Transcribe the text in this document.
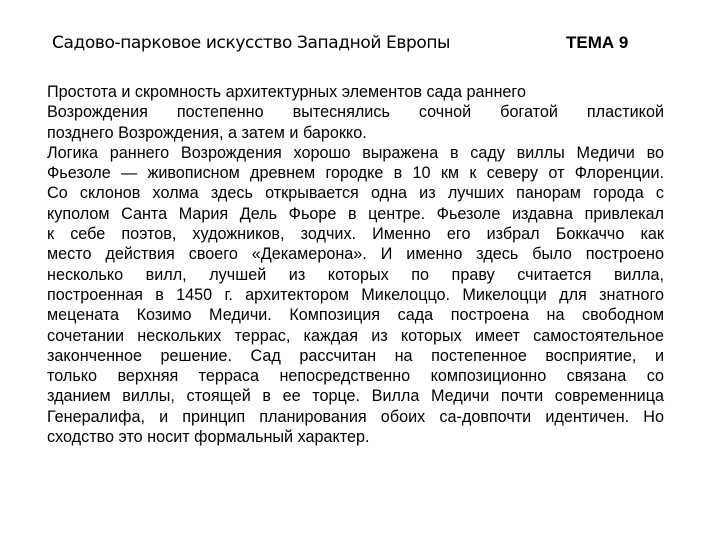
Садово-парковое искусство Западной Европы	ТЕМА 9
Простота и скромность архитектурных элементов сада раннего
Возрождения постепенно вытеснялись сочной богатой пластикой
позднего Возрождения, а затем и барокко.
Логика раннего Возрождения хорошо выражена в саду виллы Медичи во
Фьезоле — живописном древнем городке в 10 км к северу от Флоренции.
Со склонов холма здесь открывается одна из лучших панорам города с
куполом Санта Мария Дель Фьоре в центре. Фьезоле издавна привлекал
к себе поэтов, художников, зодчих. Именно его избрал Боккаччо как
место действия своего «Декамерона». И именно здесь было построено
несколько вилл, лучшей из которых по праву считается вилла,
построенная в 1450 г. архитектором Микелоццо. Микелоцци для знатного
мецената Козимо Медичи. Композиция сада построена на свободном
сочетании нескольких террас, каждая из которых имеет самостоятельное
законченное решение. Сад рассчитан на постепенное восприятие, и
только верхняя терраса непосредственно композиционно связана со
зданием виллы, стоящей в ее торце. Вилла Медичи почти современница
Генералифа, и принцип планирования обоих са-довпочти идентичен. Но
сходство это носит формальный характер.
